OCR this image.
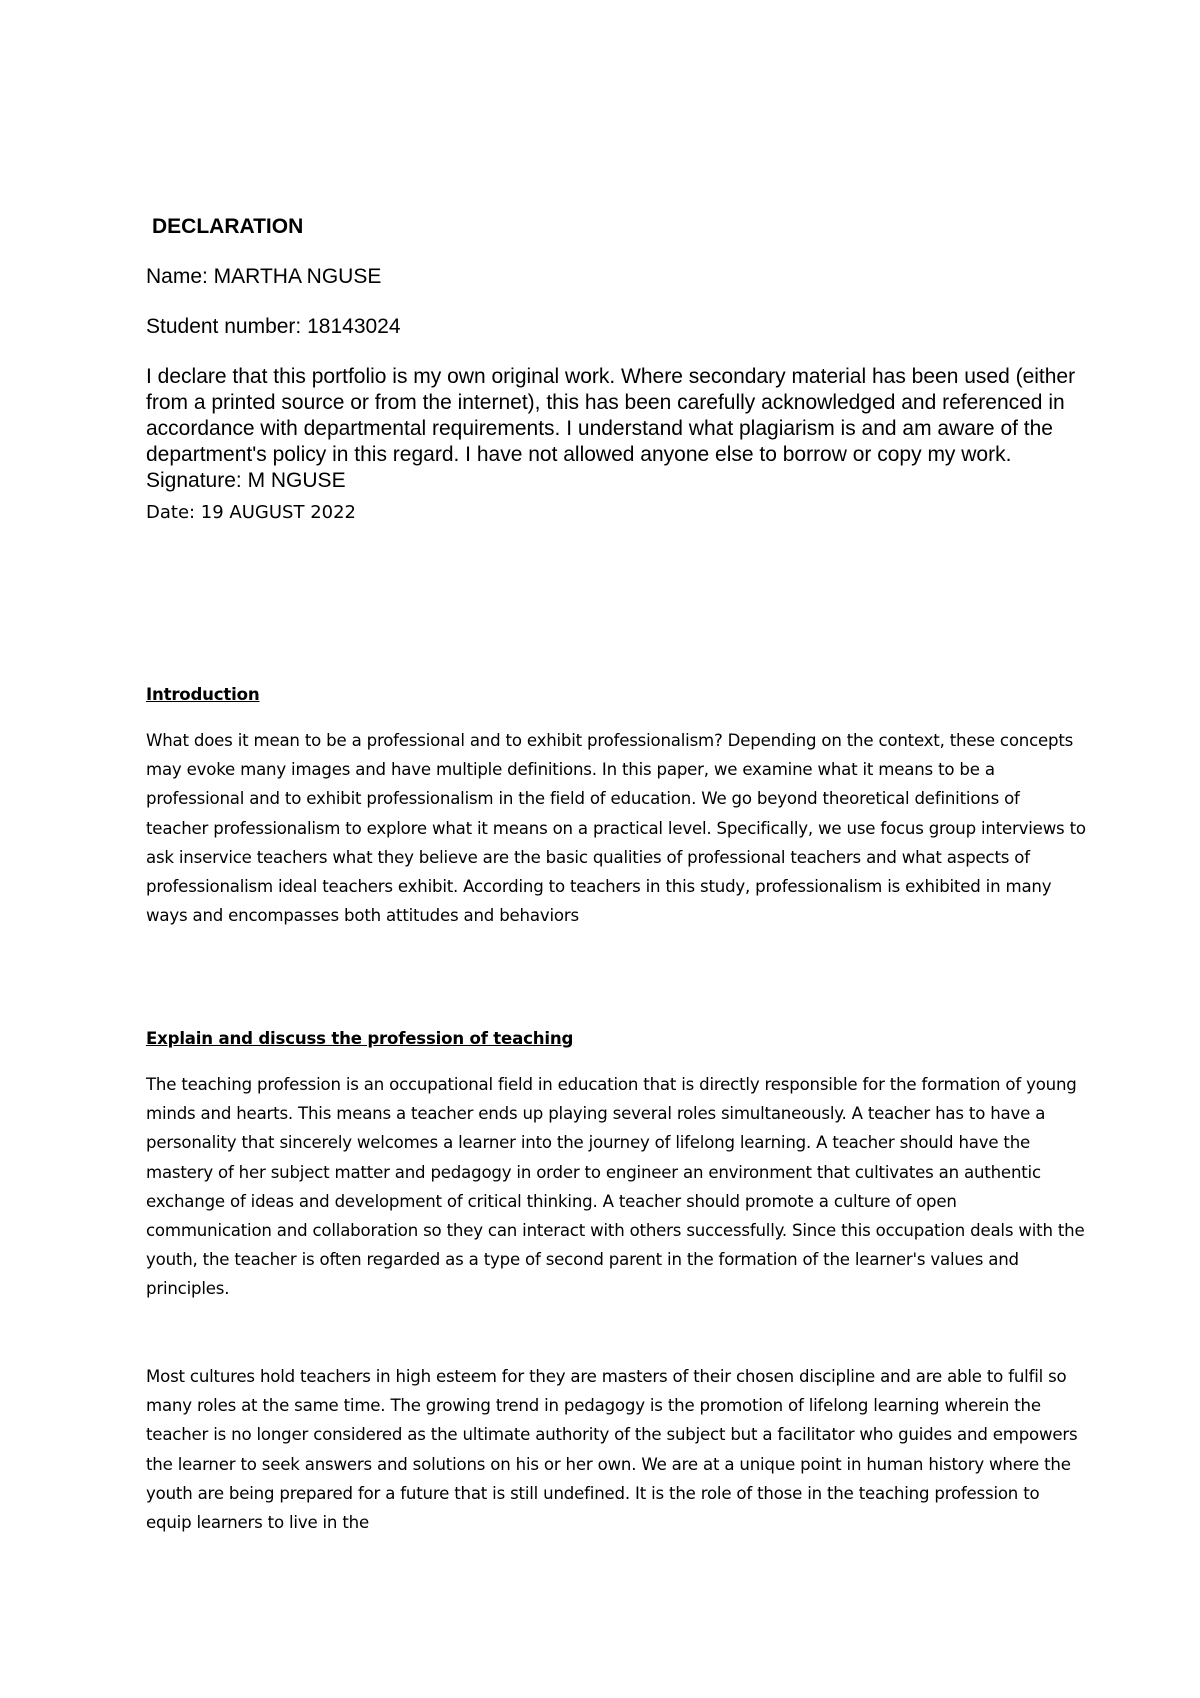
DECLARATION

Name: MARTHA NGUSE

Student number: 18143024

I declare that this portfolio is my own original work. Where secondary material has been used (either from a printed source or from the internet), this has been carefully acknowledged and referenced in accordance with departmental requirements. I understand what plagiarism is and am aware of the department's policy in this regard. I have not allowed anyone else to borrow or copy my work.

Signature: M NGUSE

Date: 19 AUGUST 2022

Introduction

What does it mean to be a professional and to exhibit professionalism? Depending on the context, these concepts may evoke many images and have multiple definitions. In this paper, we examine what it means to be a professional and to exhibit professionalism in the field of education. We go beyond theoretical definitions of teacher professionalism to explore what it means on a practical level. Specifically, we use focus group interviews to ask inservice teachers what they believe are the basic qualities of professional teachers and what aspects of professionalism ideal teachers exhibit. According to teachers in this study, professionalism is exhibited in many ways and encompasses both attitudes and behaviors

Explain and discuss the profession of teaching

The teaching profession is an occupational field in education that is directly responsible for the formation of young minds and hearts. This means a teacher ends up playing several roles simultaneously. A teacher has to have a personality that sincerely welcomes a learner into the journey of lifelong learning. A teacher should have the mastery of her subject matter and pedagogy in order to engineer an environment that cultivates an authentic exchange of ideas and development of critical thinking. A teacher should promote a culture of open communication and collaboration so they can interact with others successfully. Since this occupation deals with the youth, the teacher is often regarded as a type of second parent in the formation of the learner's values and principles.

Most cultures hold teachers in high esteem for they are masters of their chosen discipline and are able to fulfil so many roles at the same time. The growing trend in pedagogy is the promotion of lifelong learning wherein the teacher is no longer considered as the ultimate authority of the subject but a facilitator who guides and empowers the learner to seek answers and solutions on his or her own. We are at a unique point in human history where the youth are being prepared for a future that is still undefined. It is the role of those in the teaching profession to equip learners to live in the
